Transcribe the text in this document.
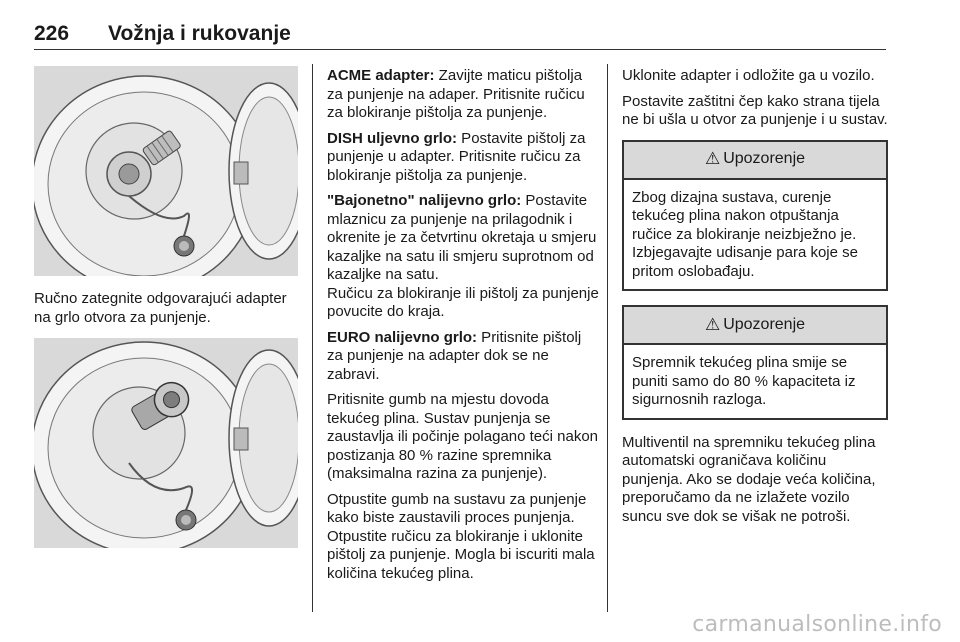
226 Vožnja i rukovanje
Ručno zategnite odgovarajući adapter na grlo otvora za punjenje.

ACME adapter: Zavijte maticu pištolja za punjenje na adaper. Pritisnite ručicu za blokiranje pištolja za punjenje.

DISH uljevno grlo: Postavite pištolj za punjenje u adapter. Pritisnite ručicu za blokiranje pištolja za punjenje.

"Bajonetno" nalijevno grlo: Postavite mlaznicu za punjenje na prilagodnik i okrenite je za četvrtinu okretaja u smjeru kazaljke na satu ili smjeru suprotnom od kazaljke na satu.

Ručicu za blokiranje ili pištolj za punjenje povucite do kraja.

EURO nalijevno grlo: Pritisnite pištolj za punjenje na adapter dok se ne zabravi.

Pritisnite gumb na mjestu dovoda tekućeg plina. Sustav punjenja se zaustavlja ili počinje polagano teći nakon postizanja 80 % razine spremnika (maksimalna razina za punjenje).

Otpustite gumb na sustavu za punjenje kako biste zaustavili proces punjenja. Otpustite ručicu za blokiranje i uklonite pištolj za punjenje. Mogla bi iscuriti mala količina tekućeg plina.

Uklonite adapter i odložite ga u vozilo.

Postavite zaštitni čep kako strana tijela ne bi ušla u otvor za punjenje i u sustav.

⚠ Upozorenje
Zbog dizajna sustava, curenje tekućeg plina nakon otpuštanja ručice za blokiranje neizbježno je. Izbjegavajte udisanje para koje se pritom oslobađaju.
⚠ Upozorenje
Spremnik tekućeg plina smije se puniti samo do 80 % kapaciteta iz sigurnosnih razloga.

Multiventil na spremniku tekućeg plina automatski ograničava količinu punjenja. Ako se dodaje veća količina, preporučamo da ne izlažete vozilo suncu sve dok se višak ne potroši.

carmanualsonline.info
